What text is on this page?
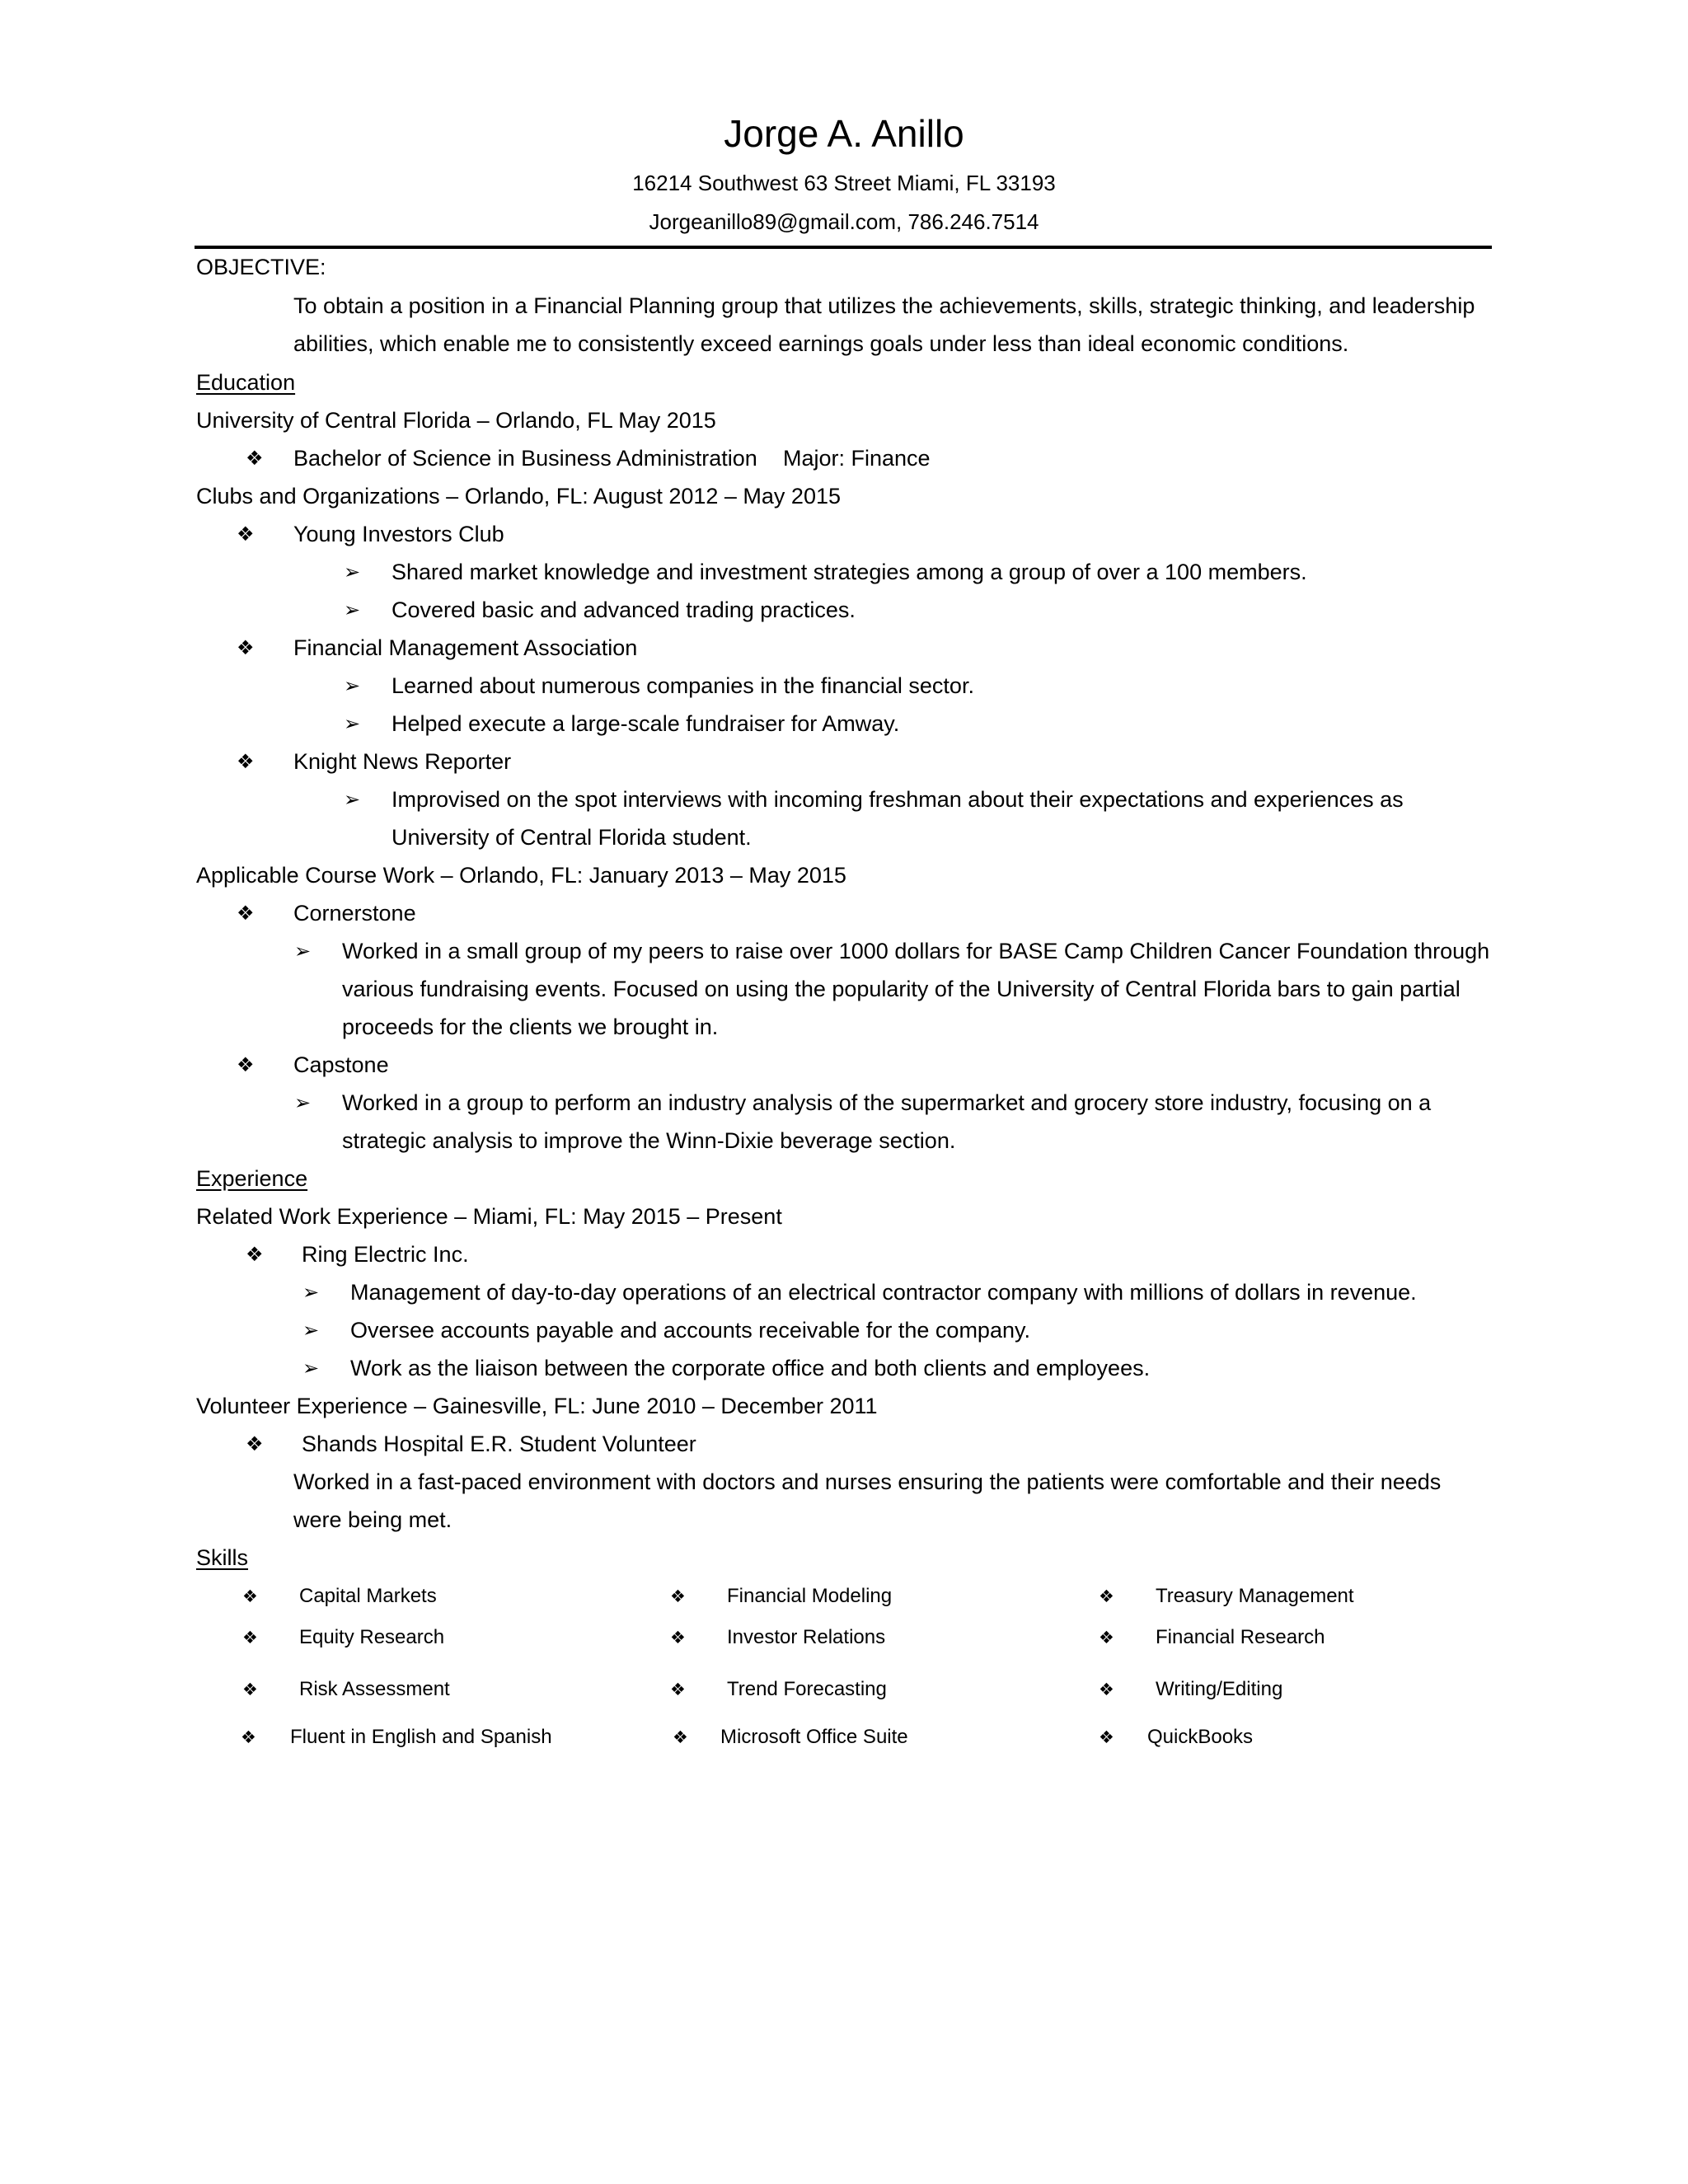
Jorge A. Anillo
16214 Southwest 63 Street Miami, FL 33193
Jorgeanillo89@gmail.com, 786.246.7514
OBJECTIVE:
To obtain a position in a Financial Planning group that utilizes the achievements, skills, strategic thinking, and leadership
abilities, which enable me to consistently exceed earnings goals under less than ideal economic conditions.
Education
University of Central Florida – Orlando, FL May 2015
❖ Bachelor of Science in Business Administration Major: Finance
Clubs and Organizations – Orlando, FL: August 2012 – May 2015
❖ Young Investors Club
➢ Shared market knowledge and investment strategies among a group of over a 100 members.
➢ Covered basic and advanced trading practices.
❖ Financial Management Association
➢ Learned about numerous companies in the financial sector.
➢ Helped execute a large-scale fundraiser for Amway.
❖ Knight News Reporter
➢ Improvised on the spot interviews with incoming freshman about their expectations and experiences as
University of Central Florida student.
Applicable Course Work – Orlando, FL: January 2013 – May 2015
❖ Cornerstone
➢ Worked in a small group of my peers to raise over 1000 dollars for BASE Camp Children Cancer Foundation through
various fundraising events. Focused on using the popularity of the University of Central Florida bars to gain partial
proceeds for the clients we brought in.
❖ Capstone
➢ Worked in a group to perform an industry analysis of the supermarket and grocery store industry, focusing on a
strategic analysis to improve the Winn-Dixie beverage section.
Experience
Related Work Experience – Miami, FL: May 2015 – Present
❖ Ring Electric Inc.
➢ Management of day-to-day operations of an electrical contractor company with millions of dollars in revenue.
➢ Oversee accounts payable and accounts receivable for the company.
➢ Work as the liaison between the corporate office and both clients and employees.
Volunteer Experience – Gainesville, FL: June 2010 – December 2011
❖ Shands Hospital E.R. Student Volunteer
Worked in a fast-paced environment with doctors and nurses ensuring the patients were comfortable and their needs
were being met.
Skills
❖ Capital Markets	❖ Financial Modeling	❖ Treasury Management
❖ Equity Research	❖ Investor Relations	❖ Financial Research
❖ Risk Assessment	❖ Trend Forecasting	❖ Writing/Editing
❖ Fluent in English and Spanish	❖ Microsoft Office Suite	❖ QuickBooks
